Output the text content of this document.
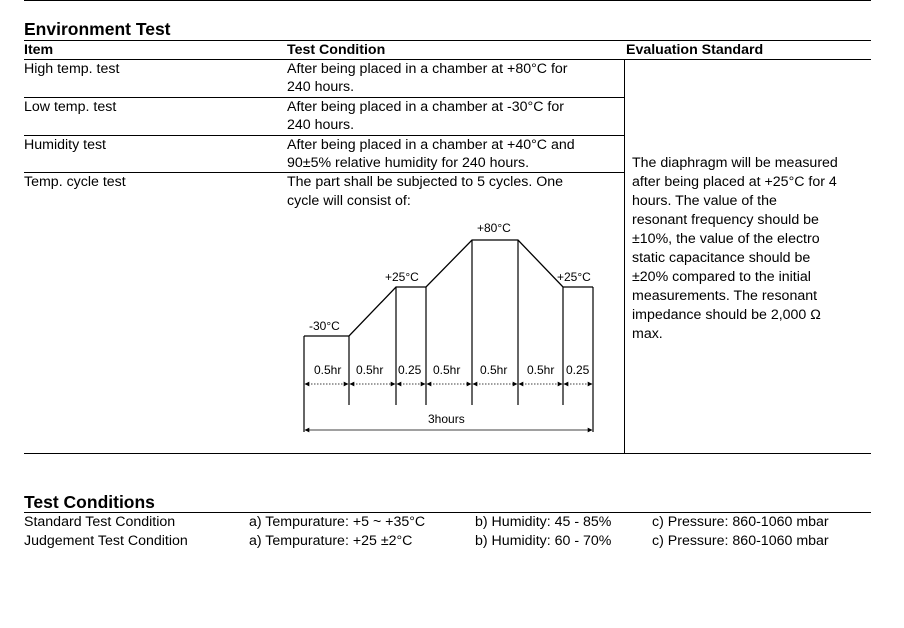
Environment Test
Item	Test Condition	Evaluation Standard
High temp. test	After being placed in a chamber at +80°C for
240 hours.
Low temp. test	After being placed in a chamber at -30°C for
240 hours.
Humidity test	After being placed in a chamber at +40°C and
90±5% relative humidity for 240 hours.
Temp. cycle test	The part shall be subjected to 5 cycles. One
cycle will consist of:
The diaphragm will be measured
after being placed at +25°C for 4
hours. The value of the
resonant frequency should be
±10%, the value of the electro
static capacitance should be
±20% compared to the initial
measurements. The resonant
impedance should be 2,000 Ω
max.
-30°C
+25°C
+80°C
+25°C
0.5hr 0.5hr 0.25 0.5hr 0.5hr 0.5hr 0.25
3hours
Test Conditions
Standard Test Condition	a) Tempurature: +5 ~ +35°C	b) Humidity: 45 - 85%	c) Pressure: 860-1060 mbar
Judgement Test Condition	a) Tempurature: +25 ±2°C	b) Humidity: 60 - 70%	c) Pressure: 860-1060 mbar
